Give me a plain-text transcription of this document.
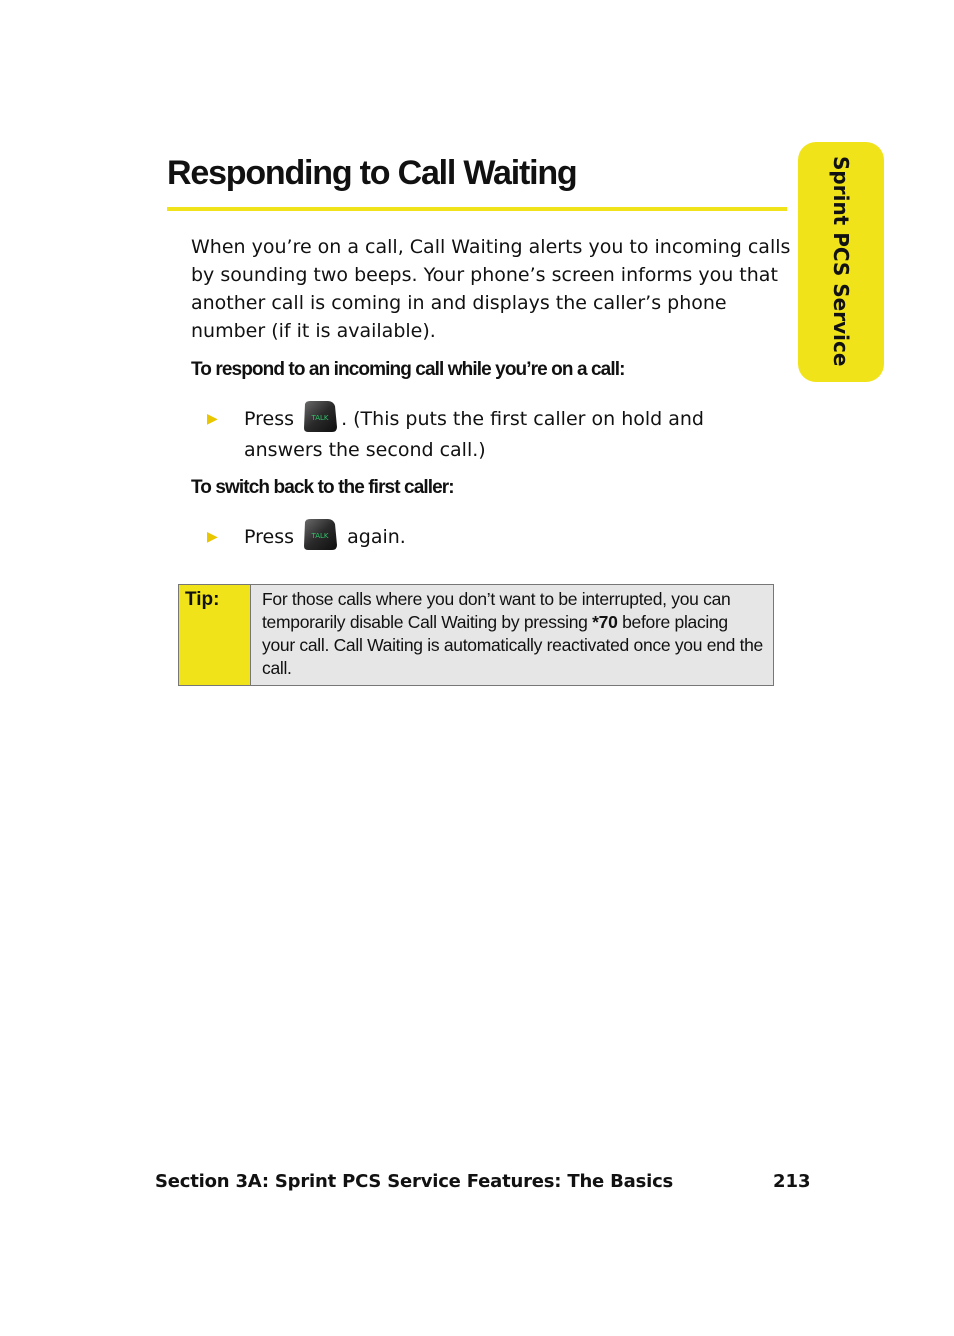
Responding to Call Waiting	Sprint PCS Service

When you’re on a call, Call Waiting alerts you to incoming calls by sounding two beeps. Your phone’s screen informs you that another call is coming in and displays the caller’s phone number (if it is available).

To respond to an incoming call while you’re on a call:

▶ Press	TALK . (This puts the first caller on hold and answers the second call.)

To switch back to the first caller:

▶ Press	TALK again.
Tip:	For those calls where you don’t want to be interrupted, you can temporarily disable Call Waiting by pressing *70 before placing your call. Call Waiting is automatically reactivated once you end the call.
Section 3A: Sprint PCS Service Features: The Basics	213
